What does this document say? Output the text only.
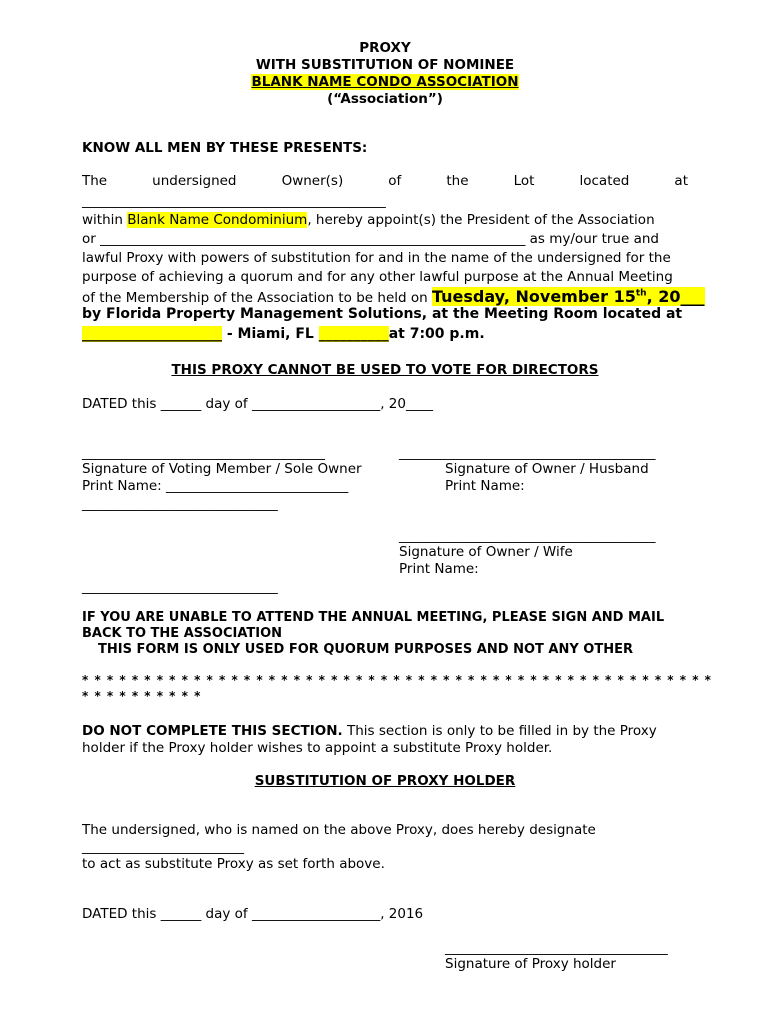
PROXY
WITH SUBSTITUTION OF NOMINEE
BLANK NAME CONDO ASSOCIATION
(“Association”)
KNOW ALL MEN BY THESE PRESENTS:
The	undersigned	Owner(s)	of	the	Lot	located	at
_____________________________________________
within Blank Name Condominium, hereby appoint(s) the President of the Association
or _______________________________________________________________ as my/our true and
lawful Proxy with powers of substitution for and in the name of the undersigned for the
purpose of achieving a quorum and for any other lawful purpose at the Annual Meeting
of the Membership of the Association to be held on Tuesday, November 15th, 20___
by Florida Property Management Solutions, at the Meeting Room located at
____________________ - Miami, FL __________at 7:00 p.m.
THIS PROXY CANNOT BE USED TO VOTE FOR DIRECTORS
DATED this ______ day of ___________________, 20____
____________________________________	______________________________________
Signature of Voting Member / Sole Owner	Signature of Owner / Husband
Print Name: ___________________________	Print Name:
_____________________________
______________________________________
Signature of Owner / Wife
Print Name:
_____________________________
IF YOU ARE UNABLE TO ATTEND THE ANNUAL MEETING, PLEASE SIGN AND MAIL
BACK TO THE ASSOCIATION
THIS FORM IS ONLY USED FOR QUORUM PURPOSES AND NOT ANY OTHER
* * * * * * * * * * * * * * * * * * * * * * * * * * * * * * * * * * * * * * * * * * * * * * * * * * *
* * * * * * * * * *
DO NOT COMPLETE THIS SECTION. This section is only to be filled in by the Proxy
holder if the Proxy holder wishes to appoint a substitute Proxy holder.
SUBSTITUTION OF PROXY HOLDER
The undersigned, who is named on the above Proxy, does hereby designate
________________________
to act as substitute Proxy as set forth above.
DATED this ______ day of ___________________, 2016
_________________________________
Signature of Proxy holder
